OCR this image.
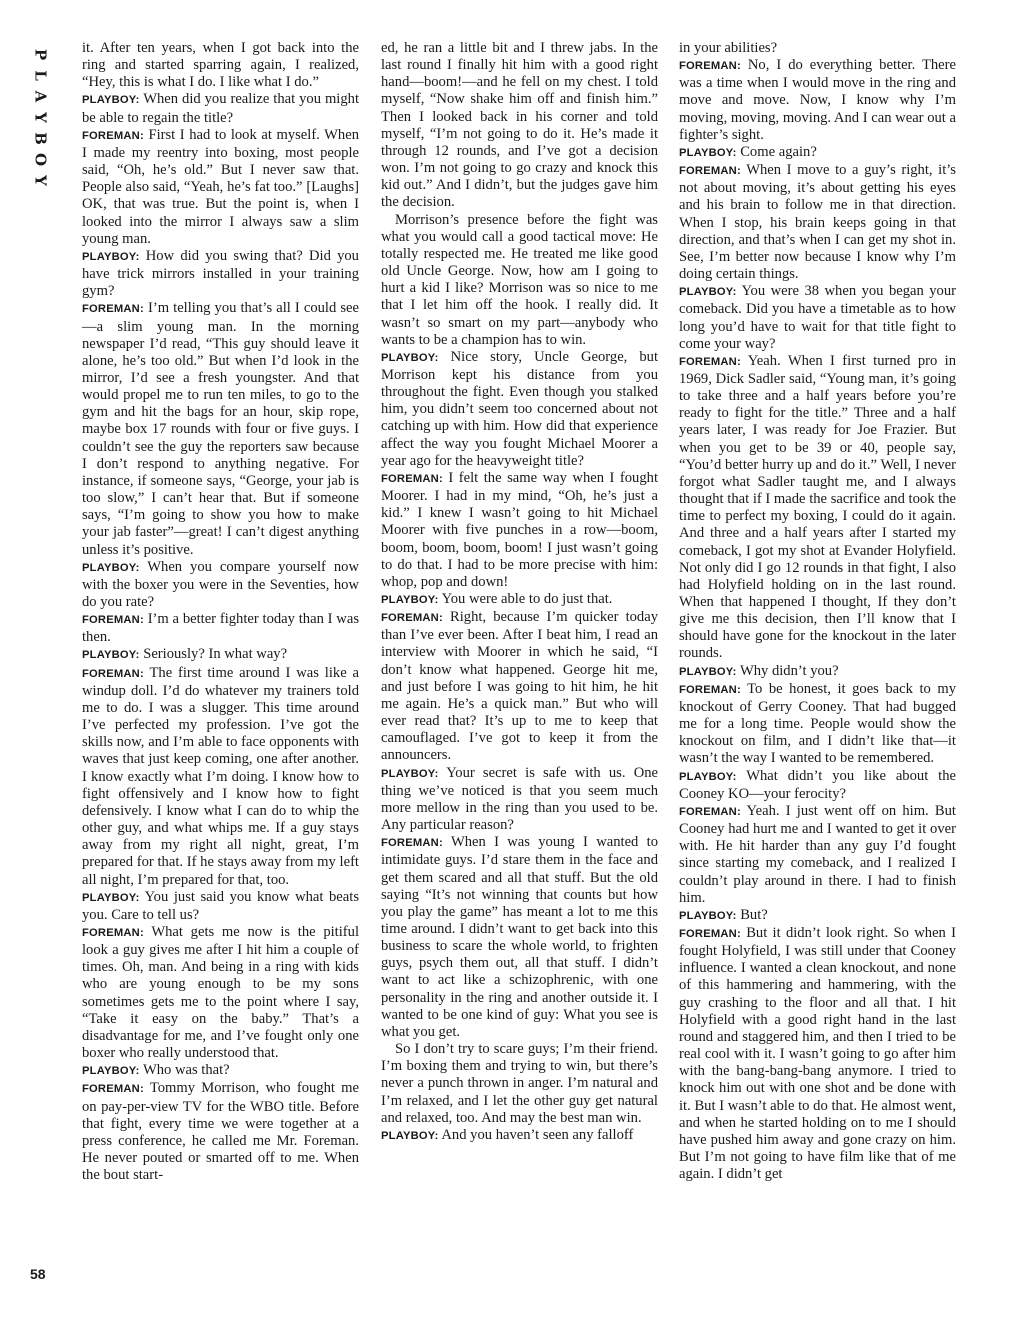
P
L
A
Y
B
O
Y

it. After ten years, when I got back into the ring and started sparring again, I realized, “Hey, this is what I do. I like what I do.”

PLAYBOY: When did you realize that you might be able to regain the title?

FOREMAN: First I had to look at myself. When I made my reentry into boxing, most people said, “Oh, he’s old.” But I never saw that. People also said, “Yeah, he’s fat too.” [Laughs] OK, that was true. But the point is, when I looked into the mirror I always saw a slim young man.

PLAYBOY: How did you swing that? Did you have trick mirrors installed in your training gym?

FOREMAN: I’m telling you that’s all I could see—a slim young man. In the morning newspaper I’d read, “This guy should leave it alone, he’s too old.” But when I’d look in the mirror, I’d see a fresh youngster. And that would propel me to run ten miles, to go to the gym and hit the bags for an hour, skip rope, maybe box 17 rounds with four or five guys. I couldn’t see the guy the reporters saw because I don’t respond to anything negative. For instance, if someone says, “George, your jab is too slow,” I can’t hear that. But if someone says, “I’m going to show you how to make your jab faster”—great! I can’t digest anything unless it’s positive.

PLAYBOY: When you compare yourself now with the boxer you were in the Seventies, how do you rate?

FOREMAN: I’m a better fighter today than I was then.

PLAYBOY: Seriously? In what way?

FOREMAN: The first time around I was like a windup doll. I’d do whatever my trainers told me to do. I was a slugger. This time around I’ve perfected my profession. I’ve got the skills now, and I’m able to face opponents with waves that just keep coming, one after another. I know exactly what I’m doing. I know how to fight offensively and I know how to fight defensively. I know what I can do to whip the other guy, and what whips me. If a guy stays away from my right all night, great, I’m prepared for that. If he stays away from my left all night, I’m prepared for that, too.

PLAYBOY: You just said you know what beats you. Care to tell us?

FOREMAN: What gets me now is the pitiful look a guy gives me after I hit him a couple of times. Oh, man. And being in a ring with kids who are young enough to be my sons sometimes gets me to the point where I say, “Take it easy on the baby.” That’s a disadvantage for me, and I’ve fought only one boxer who really understood that.

PLAYBOY: Who was that?

FOREMAN: Tommy Morrison, who fought me on pay-per-view TV for the WBO title. Before that fight, every time we were together at a press conference, he called me Mr. Foreman. He never pouted or smarted off to me. When the bout start-

ed, he ran a little bit and I threw jabs. In the last round I finally hit him with a good right hand—boom!—and he fell on my chest. I told myself, “Now shake him off and finish him.” Then I looked back in his corner and told myself, “I’m not going to do it. He’s made it through 12 rounds, and I’ve got a decision won. I’m not going to go crazy and knock this kid out.” And I didn’t, but the judges gave him the decision.

Morrison’s presence before the fight was what you would call a good tactical move: He totally respected me. He treated me like good old Uncle George. Now, how am I going to hurt a kid I like? Morrison was so nice to me that I let him off the hook. I really did. It wasn’t so smart on my part—anybody who wants to be a champion has to win.

PLAYBOY: Nice story, Uncle George, but Morrison kept his distance from you throughout the fight. Even though you stalked him, you didn’t seem too concerned about not catching up with him. How did that experience affect the way you fought Michael Moorer a year ago for the heavyweight title?

FOREMAN: I felt the same way when I fought Moorer. I had in my mind, “Oh, he’s just a kid.” I knew I wasn’t going to hit Michael Moorer with five punches in a row—boom, boom, boom, boom, boom! I just wasn’t going to do that. I had to be more precise with him: whop, pop and down!

PLAYBOY: You were able to do just that.

FOREMAN: Right, because I’m quicker today than I’ve ever been. After I beat him, I read an interview with Moorer in which he said, “I don’t know what happened. George hit me, and just before I was going to hit him, he hit me again. He’s a quick man.” But who will ever read that? It’s up to me to keep that camouflaged. I’ve got to keep it from the announcers.

PLAYBOY: Your secret is safe with us. One thing we’ve noticed is that you seem much more mellow in the ring than you used to be. Any particular reason?

FOREMAN: When I was young I wanted to intimidate guys. I’d stare them in the face and get them scared and all that stuff. But the old saying “It’s not winning that counts but how you play the game” has meant a lot to me this time around. I didn’t want to get back into this business to scare the whole world, to frighten guys, psych them out, all that stuff. I didn’t want to act like a schizophrenic, with one personality in the ring and another outside it. I wanted to be one kind of guy: What you see is what you get.

So I don’t try to scare guys; I’m their friend. I’m boxing them and trying to win, but there’s never a punch thrown in anger. I’m natural and I’m relaxed, and I let the other guy get natural and relaxed, too. And may the best man win.

PLAYBOY: And you haven’t seen any falloff

in your abilities?

FOREMAN: No, I do everything better. There was a time when I would move in the ring and move and move. Now, I know why I’m moving, moving, moving. And I can wear out a fighter’s sight.

PLAYBOY: Come again?

FOREMAN: When I move to a guy’s right, it’s not about moving, it’s about getting his eyes and his brain to follow me in that direction. When I stop, his brain keeps going in that direction, and that’s when I can get my shot in. See, I’m better now because I know why I’m doing certain things.

PLAYBOY: You were 38 when you began your comeback. Did you have a timetable as to how long you’d have to wait for that title fight to come your way?

FOREMAN: Yeah. When I first turned pro in 1969, Dick Sadler said, “Young man, it’s going to take three and a half years before you’re ready to fight for the title.” Three and a half years later, I was ready for Joe Frazier. But when you get to be 39 or 40, people say, “You’d better hurry up and do it.” Well, I never forgot what Sadler taught me, and I always thought that if I made the sacrifice and took the time to perfect my boxing, I could do it again. And three and a half years after I started my comeback, I got my shot at Evander Holyfield. Not only did I go 12 rounds in that fight, I also had Holyfield holding on in the last round. When that happened I thought, If they don’t give me this decision, then I’ll know that I should have gone for the knockout in the later rounds.

PLAYBOY: Why didn’t you?

FOREMAN: To be honest, it goes back to my knockout of Gerry Cooney. That had bugged me for a long time. People would show the knockout on film, and I didn’t like that—it wasn’t the way I wanted to be remembered.

PLAYBOY: What didn’t you like about the Cooney KO—your ferocity?

FOREMAN: Yeah. I just went off on him. But Cooney had hurt me and I wanted to get it over with. He hit harder than any guy I’d fought since starting my comeback, and I realized I couldn’t play around in there. I had to finish him.

PLAYBOY: But?

FOREMAN: But it didn’t look right. So when I fought Holyfield, I was still under that Cooney influence. I wanted a clean knockout, and none of this hammering and hammering, with the guy crashing to the floor and all that. I hit Holyfield with a good right hand in the last round and staggered him, and then I tried to be real cool with it. I wasn’t going to go after him with the bang-bang-bang anymore. I tried to knock him out with one shot and be done with it. But I wasn’t able to do that. He almost went, and when he started holding on to me I should have pushed him away and gone crazy on him. But I’m not going to have film like that of me again. I didn’t get

58
